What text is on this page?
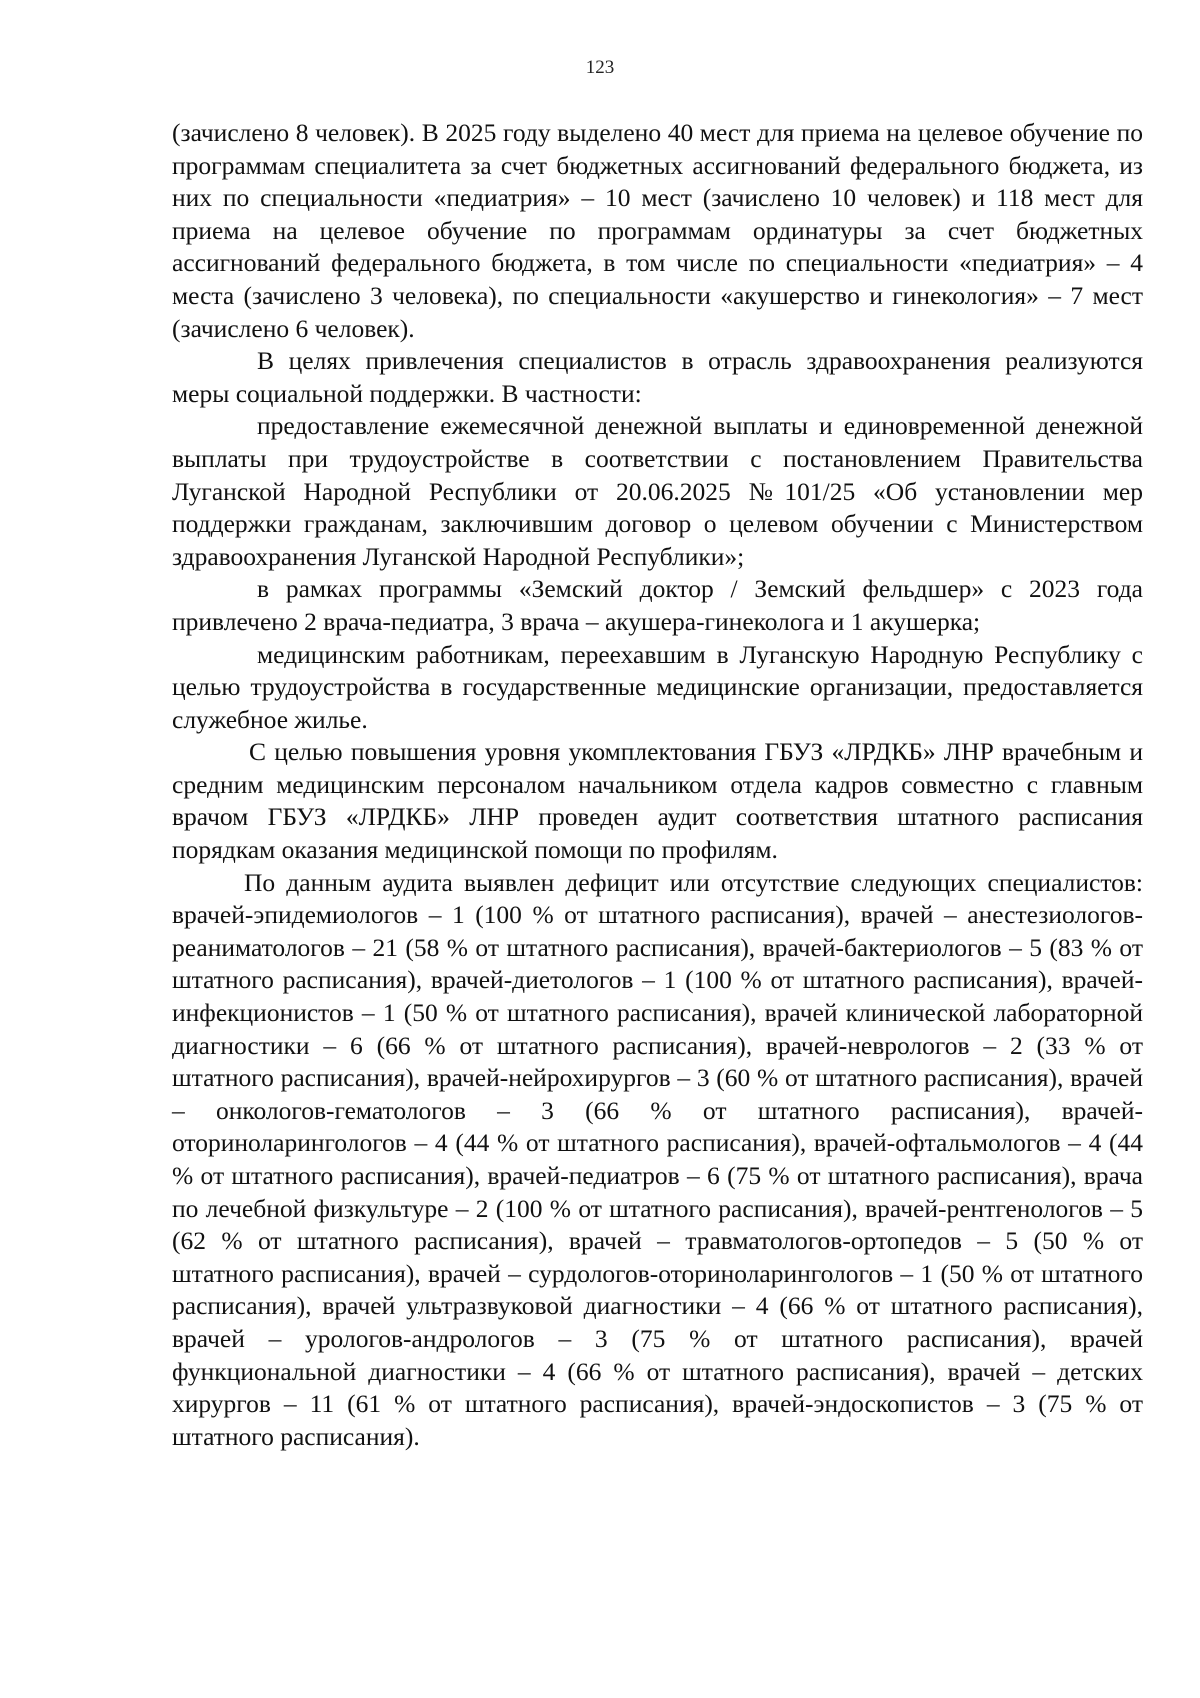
123

(зачислено 8 человек). В 2025 году выделено 40 мест для приема на целевое обучение по программам специалитета за счет бюджетных ассигнований федерального бюджета, из них по специальности «педиатрия» – 10 мест (зачислено 10 человек) и 118 мест для приема на целевое обучение по программам ординатуры за счет бюджетных ассигнований федерального бюджета, в том числе по специальности «педиатрия» – 4 места (зачислено 3 человека), по специальности «акушерство и гинекология» – 7 мест (зачислено 6 человек).

В целях привлечения специалистов в отрасль здравоохранения реализуются меры социальной поддержки. В частности:

предоставление ежемесячной денежной выплаты и единовременной денежной выплаты при трудоустройстве в соответствии с постановлением Правительства Луганской Народной Республики от 20.06.2025 №101/25 «Об установлении мер поддержки гражданам, заключившим договор о целевом обучении с Министерством здравоохранения Луганской Народной Республики»;

в рамках программы «Земский доктор / Земский фельдшер» с 2023 года привлечено 2 врача-педиатра, 3 врача – акушера-гинеколога и 1 акушерка;

медицинским работникам, переехавшим в Луганскую Народную Республику с целью трудоустройства в государственные медицинские организации, предоставляется служебное жилье.

С целью повышения уровня укомплектования ГБУЗ «ЛРДКБ» ЛНР врачебным и средним медицинским персоналом начальником отдела кадров совместно с главным врачом ГБУЗ «ЛРДКБ» ЛНР проведен аудит соответствия штатного расписания порядкам оказания медицинской помощи по профилям.

По данным аудита выявлен дефицит или отсутствие следующих специалистов: врачей-эпидемиологов – 1 (100 % от штатного расписания), врачей – анестезиологов-реаниматологов – 21 (58 % от штатного расписания), врачей-бактериологов – 5 (83 % от штатного расписания), врачей-диетологов – 1 (100 % от штатного расписания), врачей-инфекционистов – 1 (50 % от штатного расписания), врачей клинической лабораторной диагностики – 6 (66 % от штатного расписания), врачей-неврологов – 2 (33 % от штатного расписания), врачей-нейрохирургов – 3 (60 % от штатного расписания), врачей – онкологов-гематологов – 3 (66 % от штатного расписания), врачей-оториноларингологов – 4 (44 % от штатного расписания), врачей-офтальмологов – 4 (44 % от штатного расписания), врачей-педиатров – 6 (75 % от штатного расписания), врача по лечебной физкультуре – 2 (100 % от штатного расписания), врачей-рентгенологов – 5 (62 % от штатного расписания), врачей – травматологов-ортопедов – 5 (50 % от штатного расписания), врачей – сурдологов-оториноларингологов – 1 (50 % от штатного расписания), врачей ультразвуковой диагностики – 4 (66 % от штатного расписания), врачей – урологов-андрологов – 3 (75 % от штатного расписания), врачей функциональной диагностики – 4 (66 % от штатного расписания), врачей – детских хирургов – 11 (61 % от штатного расписания), врачей-эндоскопистов – 3 (75 % от штатного расписания).
